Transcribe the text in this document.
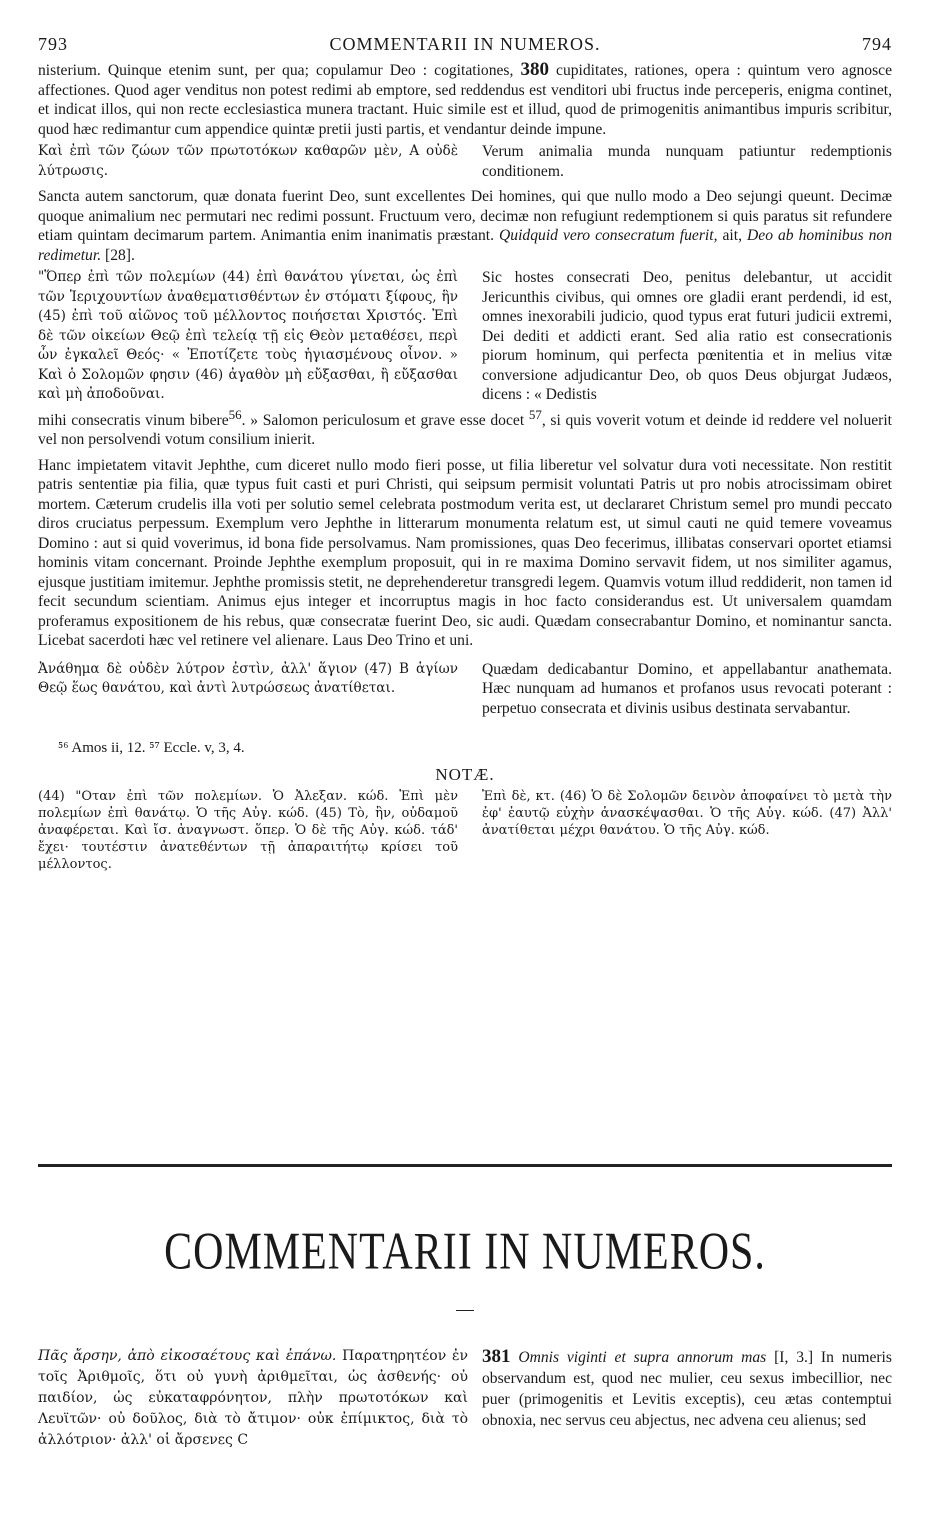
793	COMMENTARII IN NUMEROS.	794

nisterium. Quinque etenim sunt, per qua; copulamur Deo : cogitationes, 380 cupiditates, rationes, opera : quintum vero agnosce affectiones. Quod ager venditus non potest redimi ab emptore, sed reddendus est venditori ubi fructus inde perceperis, enigma continet, et indicat illos, qui non recte ecclesiastica munera tractant. Huic simile est et illud, quod de primogenitis animantibus impuris scribitur, quod hæc redimantur cum appendice quintæ pretii justi partis, et vendantur deinde impune.

Καὶ ἐπὶ τῶν ζώων τῶν πρωτοτόκων καθαρῶν μὲν, A οὐδὲ λύτρωσις.

Verum animalia munda nunquam patiuntur redemptionis conditionem.

Sancta autem sanctorum, quæ donata fuerint Deo, sunt excellentes Dei homines, qui que nullo modo a Deo sejungi queunt. Decimæ quoque animalium nec permutari nec redimi possunt. Fructuum vero, decimæ non refugiunt redemptionem si quis paratus sit refundere etiam quintam decimarum partem. Animantia enim inanimatis præstant. Quidquid vero consecratum fuerit, ait, Deo ab hominibus non redimetur. [28].

"Ὅπερ ἐπὶ τῶν πολεμίων (44) ἐπὶ θανάτου γίνεται, ὡς ἐπὶ τῶν Ἱεριχουντίων ἀναθεματισθέντων ἐν στόματι ξίφους, ἣν (45) ἐπὶ τοῦ αἰῶνος τοῦ μέλλοντος ποιήσεται Χριστός. Ἐπὶ δὲ τῶν οἰκείων Θεῷ ἐπὶ τελείᾳ τῇ εἰς Θεὸν μεταθέσει, περὶ ὧν ἐγκαλεῖ Θεός· « Ἐποτίζετε τοὺς ἡγιασμένους οἶνον. » Καὶ ὁ Σολομῶν φησιν (46) ἀγαθὸν μὴ εὔξασθαι, ἢ εὔξασθαι καὶ μὴ ἀποδοῦναι.

Sic hostes consecrati Deo, penitus delebantur, ut accidit Jericunthis civibus, qui omnes ore gladii erant perdendi, id est, omnes inexorabili judicio, quod typus erat futuri judicii extremi, Dei dediti et addicti erant. Sed alia ratio est consecrationis piorum hominum, qui perfecta pœnitentia et in melius vitæ conversione adjudicantur Deo, ob quos Deus objurgat Judæos, dicens : « Dedistis

mihi consecratis vinum bibere$^{56}$. » Salomon periculosum et grave esse docet $^{57}$, si quis voverit votum et deinde id reddere vel noluerit vel non persolvendi votum consilium inierit.

Hanc impietatem vitavit Jephthe, cum diceret nullo modo fieri posse, ut filia liberetur vel solvatur dura voti necessitate. Non restitit patris sententiæ pia filia, quæ typus fuit casti et puri Christi, qui seipsum permisit voluntati Patris ut pro nobis atrocissimam obiret mortem. Cæterum crudelis illa voti per solutio semel celebrata postmodum verita est, ut declararet Christum semel pro mundi peccato diros cruciatus perpessum. Exemplum vero Jephthe in litterarum monumenta relatum est, ut simul cauti ne quid temere voveamus Domino : aut si quid voverimus, id bona fide persolvamus. Nam promissiones, quas Deo fecerimus, illibatas conservari oportet etiamsi hominis vitam concernant. Proinde Jephthe exemplum proposuit, qui in re maxima Domino servavit fidem, ut nos similiter agamus, ejusque justitiam imitemur. Jephthe promissis stetit, ne deprehenderetur transgredi legem. Quamvis votum illud reddiderit, non tamen id fecit secundum scientiam. Animus ejus integer et incorruptus magis in hoc facto considerandus est. Ut universalem quamdam proferamus expositionem de his rebus, quæ consecratæ fuerint Deo, sic audi. Quædam consecrabantur Domino, et nominantur sancta. Licebat sacerdoti hæc vel retinere vel alienare. Laus Deo Trino et uni.

Ἀνάθημα δὲ οὐδὲν λύτρον ἐστὶν, ἀλλ' ἅγιον (47) B ἁγίων Θεῷ ἕως θανάτου, καὶ ἀντὶ λυτρώσεως ἀνατίθεται.

Quædam dedicabantur Domino, et appellabantur anathemata. Hæc nunquam ad humanos et profanos usus revocati poterant : perpetuo consecrata et divinis usibus destinata servabantur.

⁵⁶ Amos ii, 12. ⁵⁷ Eccle. v, 3, 4.

NOTÆ.

(44) "Οταν ἐπὶ τῶν πολεμίων. Ὁ Ἀλεξαν. κώδ. Ἐπὶ μὲν πολεμίων ἐπὶ θανάτῳ. Ὁ τῆς Αὐγ. κώδ. (45) Τὸ, ἣν, οὐδαμοῦ ἀναφέρεται. Καὶ ἴσ. ἀναγνωστ. ὅπερ. Ὁ δὲ τῆς Αὐγ. κώδ. τάδ' ἔχει· τουτέστιν ἀνατεθέντων τῇ ἀπαραιτήτῳ κρίσει τοῦ μέλλοντος.

Ἐπὶ δὲ, κτ. (46) Ὁ δὲ Σολομῶν δεινὸν ἀποφαίνει τὸ μετὰ τὴν ἐφ' ἑαυτῷ εὐχὴν ἀνασκέψασθαι. Ὁ τῆς Αὐγ. κώδ. (47) Ἀλλ' ἀνατίθεται μέχρι θανάτου. Ὁ τῆς Αὐγ. κώδ.

COMMENTARII IN NUMEROS.

Πᾶς ἄρσην, ἀπὸ εἰκοσαέτους καὶ ἐπάνω. Παρατηρητέον ἐν τοῖς Ἀριθμοῖς, ὅτι οὐ γυνὴ ἀριθμεῖται, ὡς ἀσθενής· οὐ παιδίον, ὡς εὐκαταφρόνητον, πλὴν πρωτοτόκων καὶ Λευϊτῶν· οὐ δοῦλος, διὰ τὸ ἄτιμον· οὐκ ἐπίμικτος, διὰ τὸ ἀλλότριον· ἀλλ' οἱ ἄρσενες C

381 Omnis viginti et supra annorum mas [I, 3.] In numeris observandum est, quod nec mulier, ceu sexus imbecillior, nec puer (primogenitis et Levitis exceptis), ceu ætas contemptui obnoxia, nec servus ceu abjectus, nec advena ceu alienus; sed
